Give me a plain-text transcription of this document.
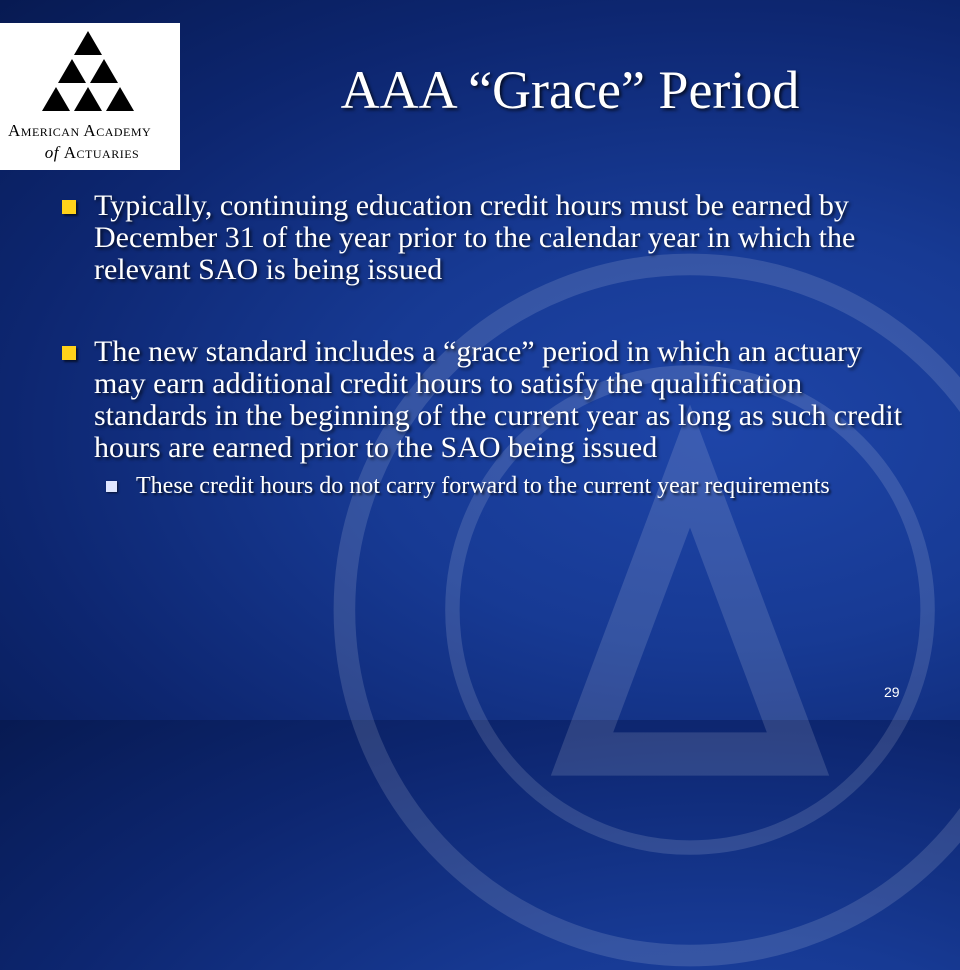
American Academy
of Actuaries
AAA “Grace” Period
Typically, continuing education credit hours must be earned by December 31 of the year prior to the calendar year in which the relevant SAO is being issued
The new standard includes a “grace” period in which an actuary may earn additional credit hours to satisfy the qualification standards in the beginning of the current year as long as such credit hours are earned prior to the SAO being issued
These credit hours do not carry forward to the current year requirements
29
